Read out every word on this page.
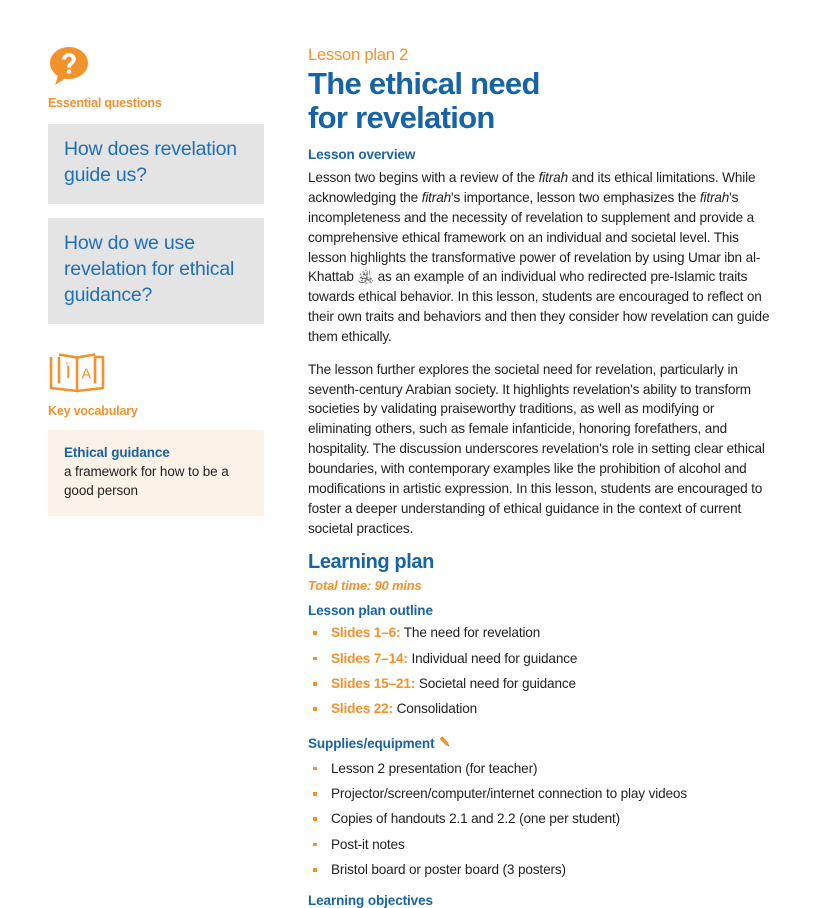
Essential questions

How does revelation guide us?

How do we use revelation for ethical guidance?

A
Key vocabulary
Ethical guidance
a framework for how to be a good person
Lesson plan 2
The ethical need
for revelation
Lesson overview

Lesson two begins with a review of the fitrah and its ethical limitations. While acknowledging the fitrah's importance, lesson two emphasizes the fitrah's incompleteness and the necessity of revelation to supplement and provide a comprehensive ethical framework on an individual and societal level. This lesson highlights the transformative power of revelation by using Umar ibn al-Khattab ﵁ as an example of an individual who redirected pre-Islamic traits towards ethical behavior. In this lesson, students are encouraged to reflect on their own traits and behaviors and then they consider how revelation can guide them ethically.

The lesson further explores the societal need for revelation, particularly in seventh-century Arabian society. It highlights revelation's ability to transform societies by validating praiseworthy traditions, as well as modifying or eliminating others, such as female infanticide, honoring forefathers, and hospitality. The discussion underscores revelation's role in setting clear ethical boundaries, with contemporary examples like the prohibition of alcohol and modifications in artistic expression. In this lesson, students are encouraged to foster a deeper understanding of ethical guidance in the context of current societal practices.

Learning plan
Total time: 90 mins
Lesson plan outline
Slides 1–6: The need for revelation
Slides 7–14: Individual need for guidance
Slides 15–21: Societal need for guidance
Slides 22: Consolidation
Supplies/equipment
Lesson 2 presentation (for teacher)
Projector/screen/computer/internet connection to play videos
Copies of handouts 2.1 and 2.2 (one per student)
Post-it notes
Bristol board or poster board (3 posters)
Learning objectives
